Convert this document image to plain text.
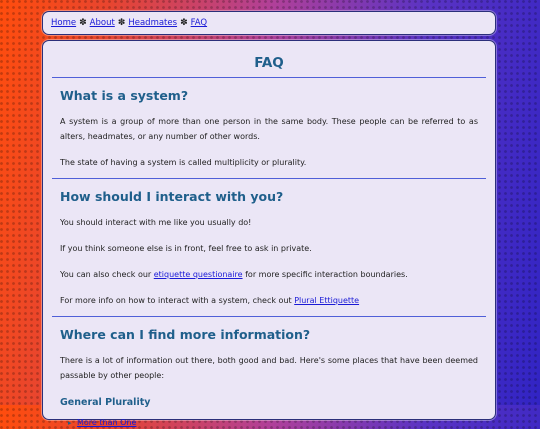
Home ✽ About ✽ Headmates ✽ FAQ
FAQ
What is a system?

A system is a group of more than one person in the same body. These people can be referred to as alters, headmates, or any number of other words.

The state of having a system is called multiplicity or plurality.

How should I interact with you?

You should interact with me like you usually do!

If you think someone else is in front, feel free to ask in private.

You can also check our etiquette questionaire for more specific interaction boundaries.

For more info on how to interact with a system, check out Plural Ettiquette

Where can I find more information?

There is a lot of information out there, both good and bad. Here's some places that have been deemed passable by other people:

General Plurality
▸ More than One
